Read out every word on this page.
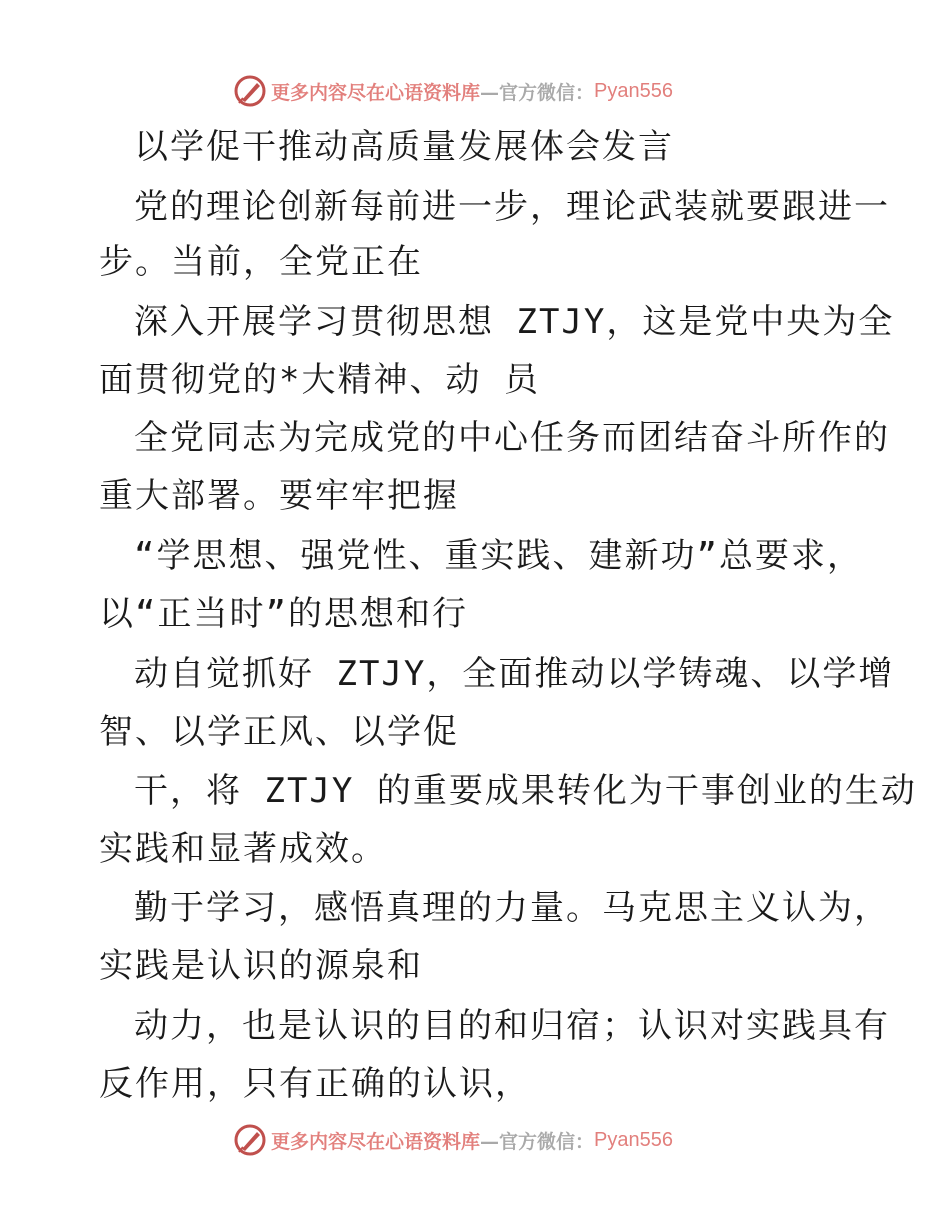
更多内容尽在心语资料库 —官方微信： Pyan556
以学促干推动高质量发展体会发言
党的理论创新每前进一步，理论武装就要跟进一
步。当前，全党正在
深入开展学习贯彻思想 ZTJY，这是党中央为全
面贯彻党的*大精神、动 员
全党同志为完成党的中心任务而团结奋斗所作的
重大部署。要牢牢把握
“学思想、强党性、重实践、建新功”总要求，
以“正当时”的思想和行
动自觉抓好 ZTJY，全面推动以学铸魂、以学增
智、以学正风、以学促
干，将 ZTJY 的重要成果转化为干事创业的生动
实践和显著成效。
勤于学习，感悟真理的力量。马克思主义认为，
实践是认识的源泉和
动力，也是认识的目的和归宿；认识对实践具有
反作用，只有正确的认识，
更多内容尽在心语资料库 —官方微信： Pyan556
